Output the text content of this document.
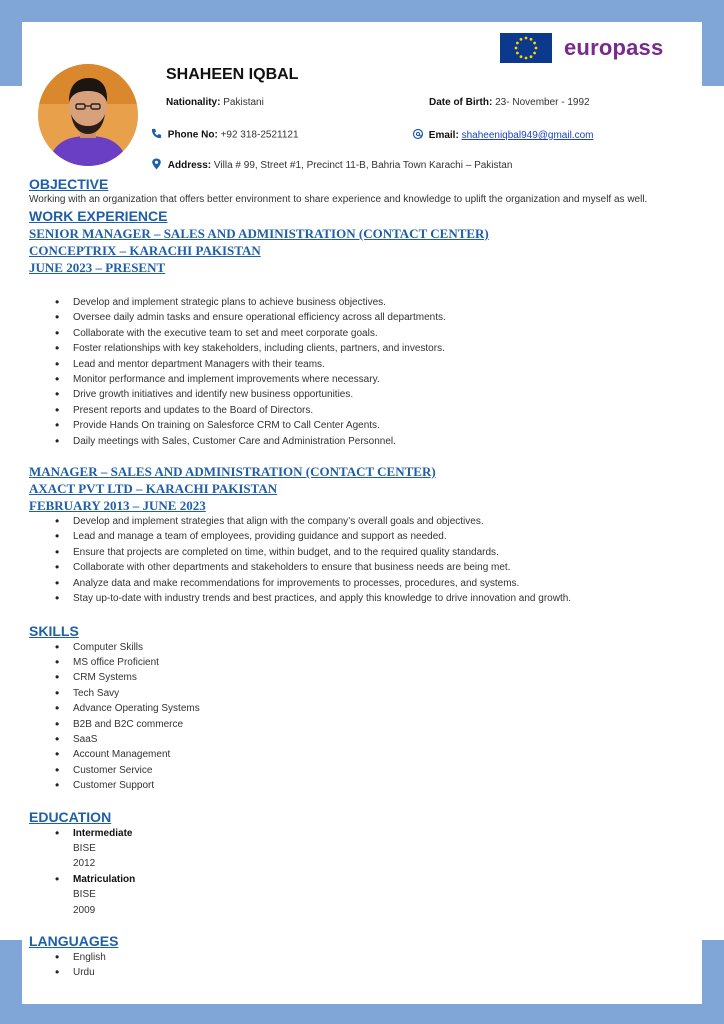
europass
SHAHEEN IQBAL
Nationality: Pakistani	Date of Birth: 23- November - 1992
Phone No: +92 318-2521121	Email: shaheeniqbal949@gmail.com
Address: Villa # 99, Street #1, Precinct 11-B, Bahria Town Karachi – Pakistan
OBJECTIVE

Working with an organization that offers better environment to share experience and knowledge to uplift the organization and myself as well.

WORK EXPERIENCE
SENIOR MANAGER – SALES AND ADMINISTRATION (CONTACT CENTER)
CONCEPTRIX – KARACHI PAKISTAN
JUNE 2023 – PRESENT
• Develop and implement strategic plans to achieve business objectives.
• Oversee daily admin tasks and ensure operational efficiency across all departments.
• Collaborate with the executive team to set and meet corporate goals.
• Foster relationships with key stakeholders, including clients, partners, and investors.
• Lead and mentor department Managers with their teams.
• Monitor performance and implement improvements where necessary.
• Drive growth initiatives and identify new business opportunities.
• Present reports and updates to the Board of Directors.
• Provide Hands On training on Salesforce CRM to Call Center Agents.
• Daily meetings with Sales, Customer Care and Administration Personnel.
MANAGER – SALES AND ADMINISTRATION (CONTACT CENTER)
AXACT PVT LTD – KARACHI PAKISTAN
FEBRUARY 2013 – JUNE 2023
• Develop and implement strategies that align with the company’s overall goals and objectives.
• Lead and manage a team of employees, providing guidance and support as needed.
• Ensure that projects are completed on time, within budget, and to the required quality standards.
• Collaborate with other departments and stakeholders to ensure that business needs are being met.
• Analyze data and make recommendations for improvements to processes, procedures, and systems.
• Stay up-to-date with industry trends and best practices, and apply this knowledge to drive innovation and growth.
SKILLS
• Computer Skills
• MS office Proficient
• CRM Systems
• Tech Savy
• Advance Operating Systems
• B2B and B2C commerce
• SaaS
• Account Management
• Customer Service
• Customer Support
EDUCATION
• Intermediate
BISE
2012
• Matriculation
BISE
2009
LANGUAGES
• English
• Urdu
